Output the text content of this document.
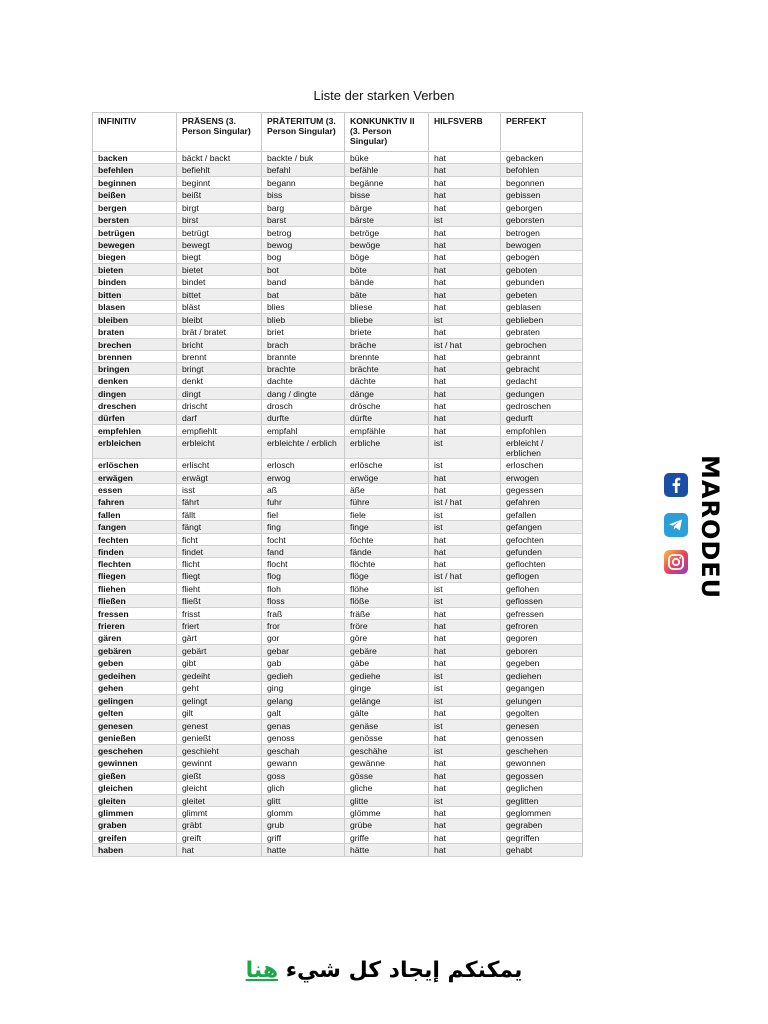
Liste der starken Verben
INFINITIV	PRÄSENS (3. Person Singular)	PRÄTERITUM (3. Person Singular)	KONKUNKTIV II (3. Person Singular)	HILFSVERB	PERFEKT
backen	bäckt / backt	backte / buk	büke	hat	gebacken
befehlen	befiehlt	befahl	befähle	hat	befohlen
beginnen	beginnt	begann	begänne	hat	begonnen
beißen	beißt	biss	bisse	hat	gebissen
bergen	birgt	barg	bärge	hat	geborgen
bersten	birst	barst	bärste	ist	geborsten
betrügen	betrügt	betrog	betröge	hat	betrogen
bewegen	bewegt	bewog	bewöge	hat	bewogen
biegen	biegt	bog	böge	hat	gebogen
bieten	bietet	bot	böte	hat	geboten
binden	bindet	band	bände	hat	gebunden
bitten	bittet	bat	bäte	hat	gebeten
blasen	bläst	blies	bliese	hat	geblasen
bleiben	bleibt	blieb	bliebe	ist	geblieben
braten	brät / bratet	briet	briete	hat	gebraten
brechen	bricht	brach	bräche	ist / hat	gebrochen
brennen	brennt	brannte	brennte	hat	gebrannt
bringen	bringt	brachte	brächte	hat	gebracht
denken	denkt	dachte	dächte	hat	gedacht
dingen	dingt	dang / dingte	dänge	hat	gedungen
dreschen	drischt	drosch	drösche	hat	gedroschen
dürfen	darf	durfte	dürfte	hat	gedurft
empfehlen	empfiehlt	empfahl	empfähle	hat	empfohlen
erbleichen	erbleicht	erbleichte / erblich	erbliche	ist	erbleicht / erblichen
erlöschen	erlischt	erlosch	erlösche	ist	erloschen
erwägen	erwägt	erwog	erwöge	hat	erwogen
essen	isst	aß	äße	hat	gegessen
fahren	fährt	fuhr	führe	ist / hat	gefahren
fallen	fällt	fiel	fiele	ist	gefallen
fangen	fängt	fing	finge	ist	gefangen
fechten	ficht	focht	föchte	hat	gefochten
finden	findet	fand	fände	hat	gefunden
flechten	flicht	flocht	flöchte	hat	geflochten
fliegen	fliegt	flog	flöge	ist / hat	geflogen
fliehen	flieht	floh	flöhe	ist	geflohen
fließen	fließt	floss	flöße	ist	geflossen
fressen	frisst	fraß	fräße	hat	gefressen
frieren	friert	fror	fröre	hat	gefroren
gären	gärt	gor	göre	hat	gegoren
gebären	gebärt	gebar	gebäre	hat	geboren
geben	gibt	gab	gäbe	hat	gegeben
gedeihen	gedeiht	gedieh	gediehe	ist	gediehen
gehen	geht	ging	ginge	ist	gegangen
gelingen	gelingt	gelang	gelänge	ist	gelungen
gelten	gilt	galt	gälte	hat	gegolten
genesen	genest	genas	genäse	ist	genesen
genießen	genießt	genoss	genösse	hat	genossen
geschehen	geschieht	geschah	geschähe	ist	geschehen
gewinnen	gewinnt	gewann	gewänne	hat	gewonnen
gießen	gießt	goss	gösse	hat	gegossen
gleichen	gleicht	glich	gliche	hat	geglichen
gleiten	gleitet	glitt	glitte	ist	geglitten
glimmen	glimmt	glomm	glömme	hat	geglommen
graben	gräbt	grub	grübe	hat	gegraben
greifen	greift	griff	griffe	hat	gegriffen
haben	hat	hatte	hätte	hat	gehabt
MARODEU
يمكنكم إيجاد كل شيء هنا
